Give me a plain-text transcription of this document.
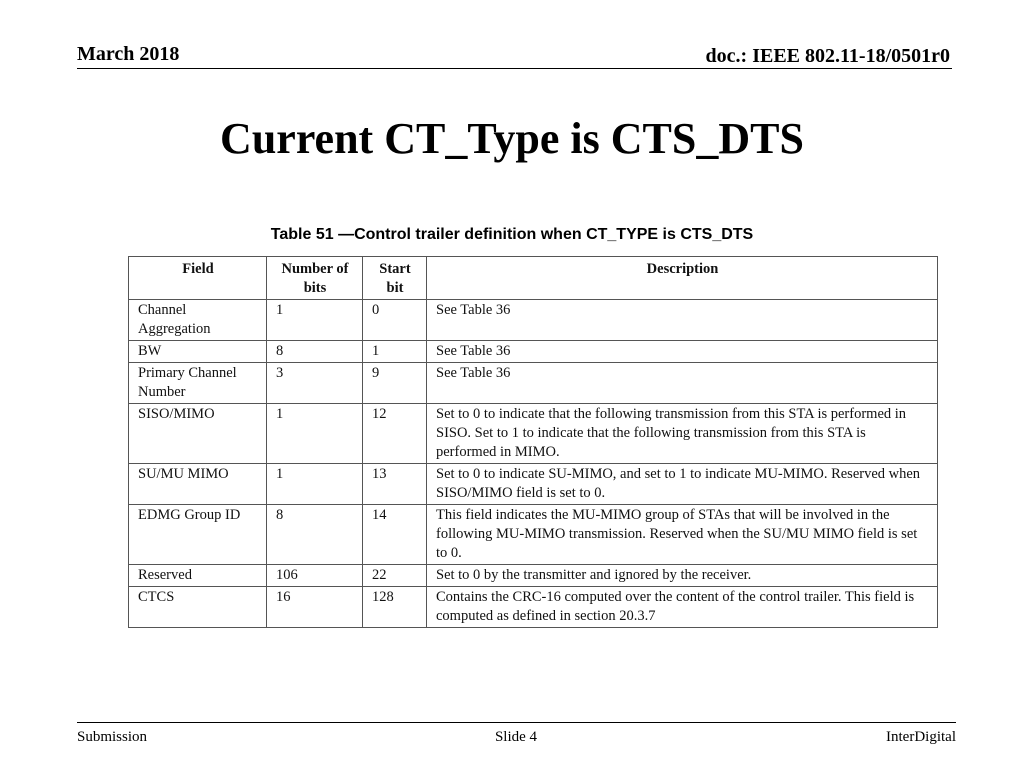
March 2018	doc.: IEEE 802.11-18/0501r0
Current CT_Type is CTS_DTS
Table 51 —Control trailer definition when CT_TYPE is CTS_DTS
Field	Number of bits	Start bit	Description
Channel Aggregation	1	0	See Table 36
BW	8	1	See Table 36
Primary Channel Number	3	9	See Table 36
SISO/MIMO	1	12	Set to 0 to indicate that the following transmission from this STA is performed in SISO. Set to 1 to indicate that the following transmission from this STA is performed in MIMO.
SU/MU MIMO	1	13	Set to 0 to indicate SU-MIMO, and set to 1 to indicate MU-MIMO. Reserved when SISO/MIMO field is set to 0.
EDMG Group ID	8	14	This field indicates the MU-MIMO group of STAs that will be involved in the following MU-MIMO transmission. Reserved when the SU/MU MIMO field is set to 0.
Reserved	106	22	Set to 0 by the transmitter and ignored by the receiver.
CTCS	16	128	Contains the CRC-16 computed over the content of the control trailer. This field is computed as defined in section 20.3.7
Submission	Slide 4	InterDigital
